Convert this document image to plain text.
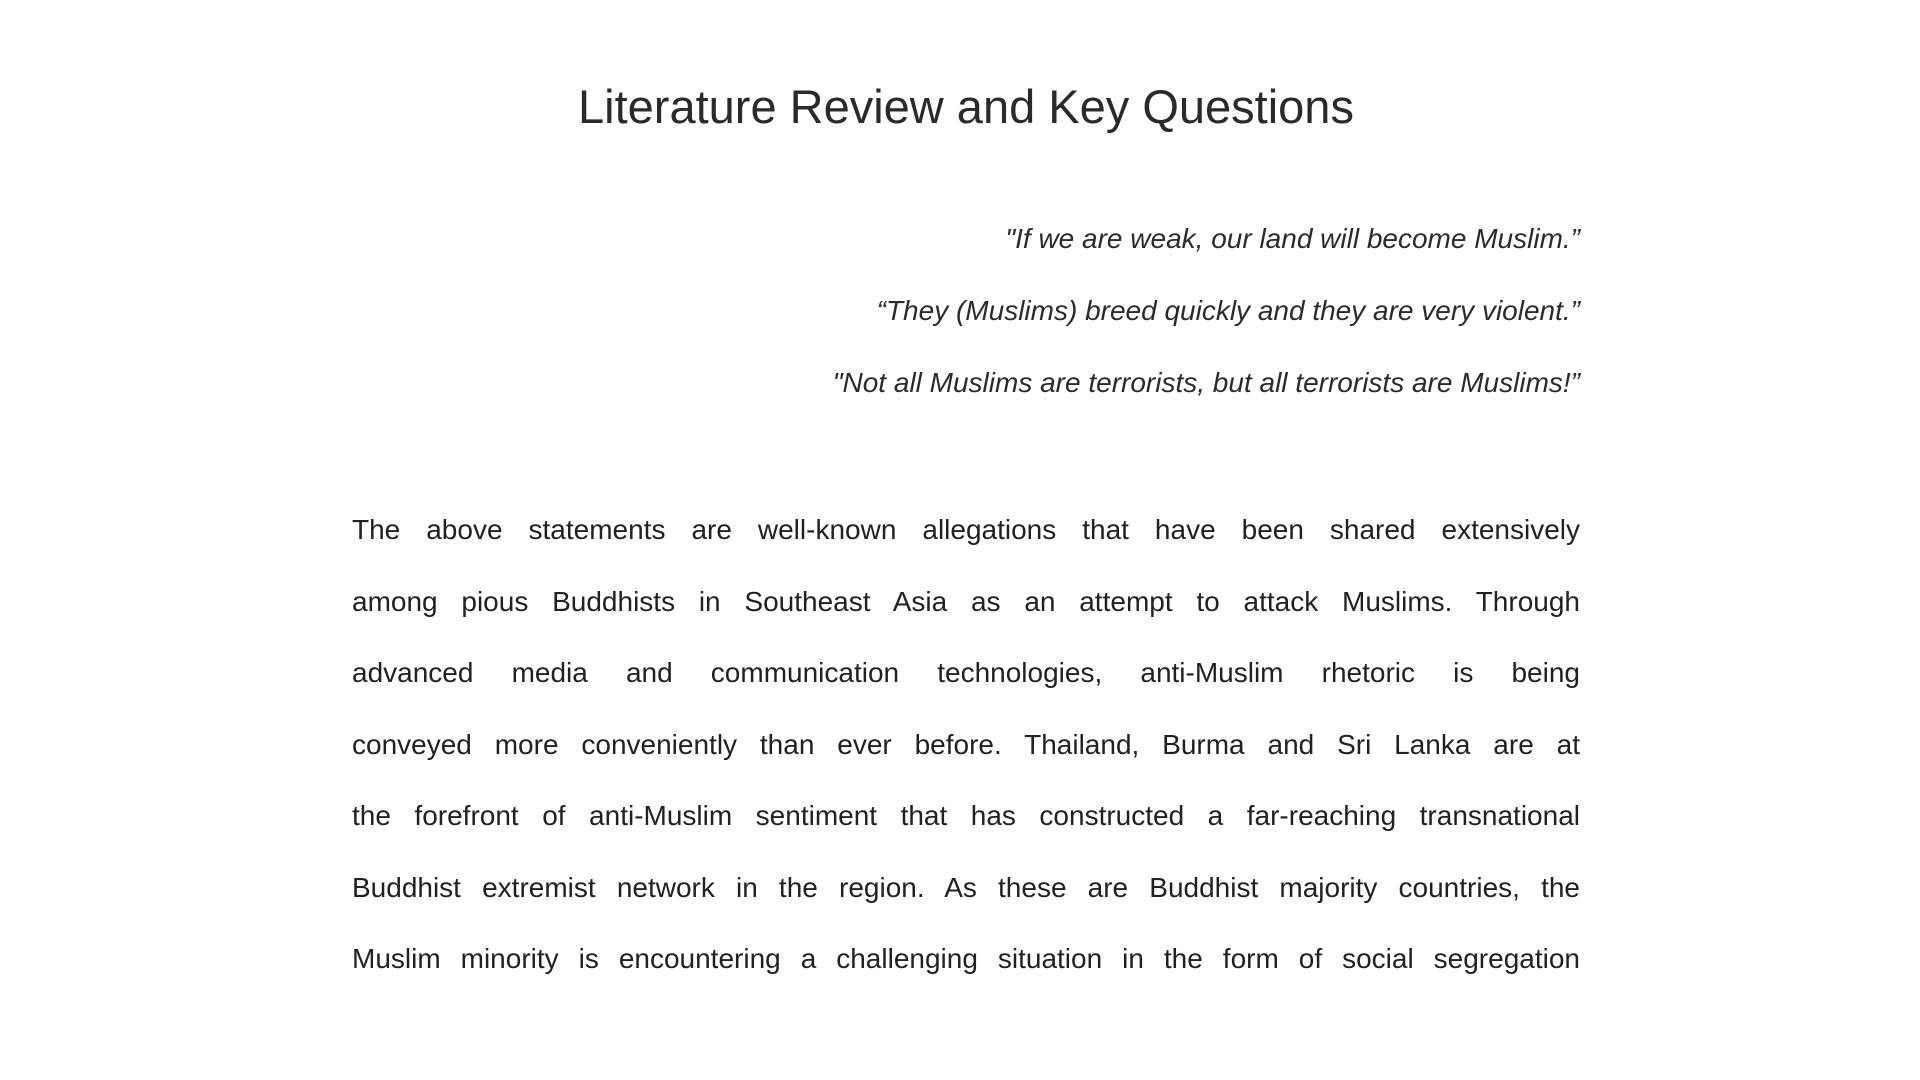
Literature Review and Key Questions
"If we are weak, our land will become Muslim.”
“They (Muslims) breed quickly and they are very violent.”
"Not all Muslims are terrorists, but all terrorists are Muslims!”
The above statements are well-known allegations that have been shared extensively
among pious Buddhists in Southeast Asia as an attempt to attack Muslims. Through
advanced media and communication technologies, anti-Muslim rhetoric is being
conveyed more conveniently than ever before. Thailand, Burma and Sri Lanka are at
the forefront of anti-Muslim sentiment that has constructed a far-reaching transnational
Buddhist extremist network in the region. As these are Buddhist majority countries, the
Muslim minority is encountering a challenging situation in the form of social segregation
